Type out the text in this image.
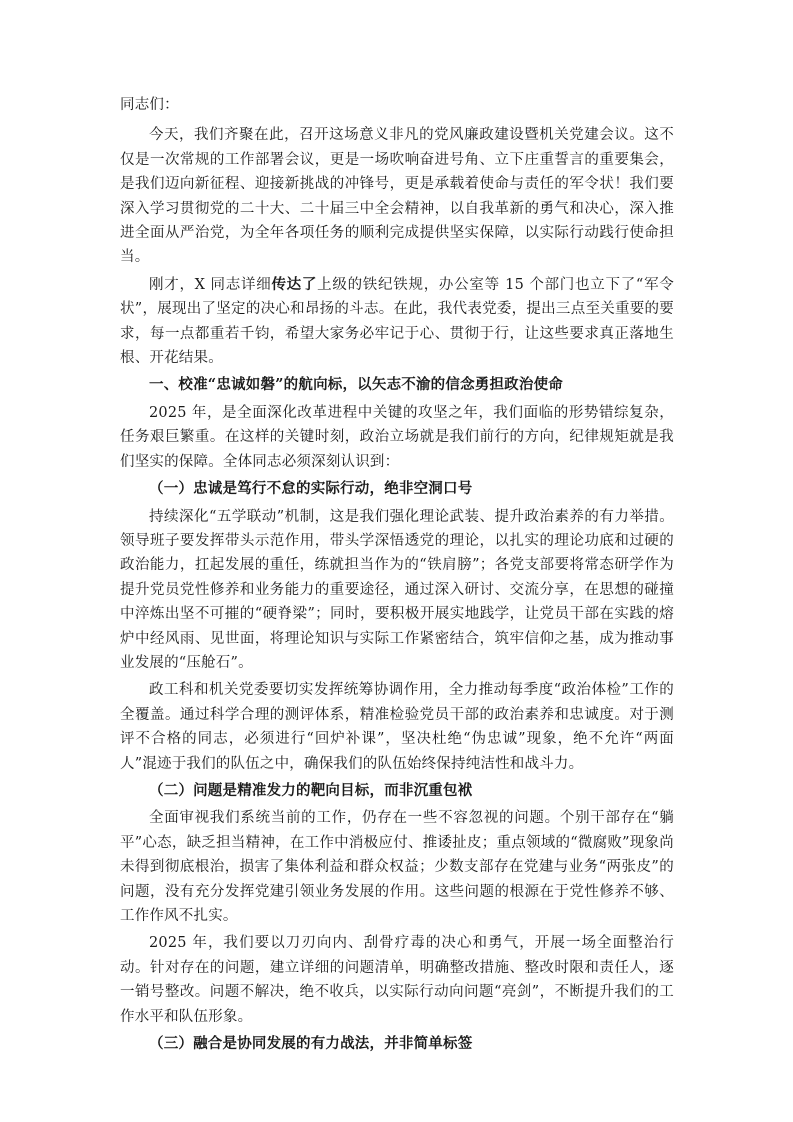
同志们：

今天，我们齐聚在此，召开这场意义非凡的党风廉政建设暨机关党建会议。这不仅是一次常规的工作部署会议，更是一场吹响奋进号角、立下庄重誓言的重要集会，是我们迈向新征程、迎接新挑战的冲锋号，更是承载着使命与责任的军令状！我们要深入学习贯彻党的二十大、二十届三中全会精神，以自我革新的勇气和决心，深入推进全面从严治党，为全年各项任务的顺利完成提供坚实保障，以实际行动践行使命担当。

刚才，X 同志详细传达了上级的铁纪铁规，办公室等 15 个部门也立下了“军令状”，展现出了坚定的决心和昂扬的斗志。在此，我代表党委，提出三点至关重要的要求，每一点都重若千钧，希望大家务必牢记于心、贯彻于行，让这些要求真正落地生根、开花结果。

一、校准“忠诚如磐”的航向标，以矢志不渝的信念勇担政治使命

2025 年，是全面深化改革进程中关键的攻坚之年，我们面临的形势错综复杂，任务艰巨繁重。在这样的关键时刻，政治立场就是我们前行的方向，纪律规矩就是我们坚实的保障。全体同志必须深刻认识到：

（一）忠诚是笃行不怠的实际行动，绝非空洞口号

持续深化“五学联动”机制，这是我们强化理论武装、提升政治素养的有力举措。领导班子要发挥带头示范作用，带头学深悟透党的理论，以扎实的理论功底和过硬的政治能力，扛起发展的重任，练就担当作为的“铁肩膀”；各党支部要将常态研学作为提升党员党性修养和业务能力的重要途径，通过深入研讨、交流分享，在思想的碰撞中淬炼出坚不可摧的“硬脊梁”；同时，要积极开展实地践学，让党员干部在实践的熔炉中经风雨、见世面，将理论知识与实际工作紧密结合，筑牢信仰之基，成为推动事业发展的“压舱石”。

政工科和机关党委要切实发挥统筹协调作用，全力推动每季度“政治体检”工作的全覆盖。通过科学合理的测评体系，精准检验党员干部的政治素养和忠诚度。对于测评不合格的同志，必须进行“回炉补课”，坚决杜绝“伪忠诚”现象，绝不允许“两面人”混迹于我们的队伍之中，确保我们的队伍始终保持纯洁性和战斗力。

（二）问题是精准发力的靶向目标，而非沉重包袱

全面审视我们系统当前的工作，仍存在一些不容忽视的问题。个别干部存在“躺平”心态，缺乏担当精神，在工作中消极应付、推诿扯皮；重点领域的“微腐败”现象尚未得到彻底根治，损害了集体利益和群众权益；少数支部存在党建与业务“两张皮”的问题，没有充分发挥党建引领业务发展的作用。这些问题的根源在于党性修养不够、工作作风不扎实。

2025 年，我们要以刀刃向内、刮骨疗毒的决心和勇气，开展一场全面整治行动。针对存在的问题，建立详细的问题清单，明确整改措施、整改时限和责任人，逐一销号整改。问题不解决，绝不收兵，以实际行动向问题“亮剑”，不断提升我们的工作水平和队伍形象。

（三）融合是协同发展的有力战法，并非简单标签
